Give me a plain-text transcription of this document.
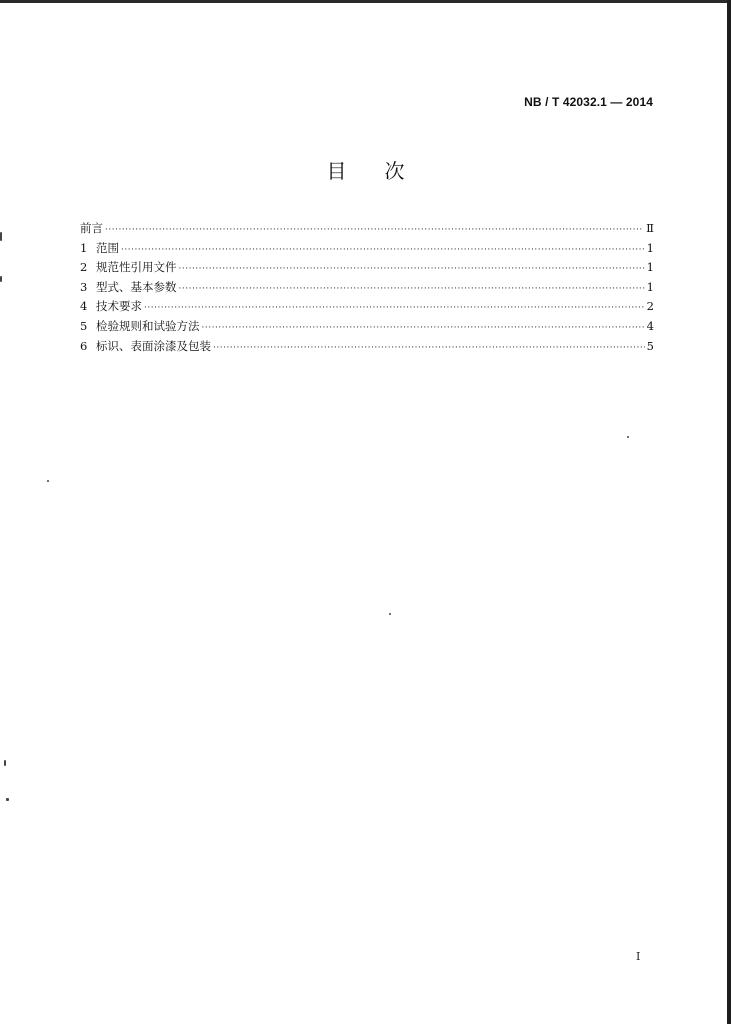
NB / T 42032.1 — 2014
目 次
前言 ·····	Ⅱ
1 范围 ·····	1
2 规范性引用文件 ·····	1
3 型式、基本参数 ·····	1
4 技术要求 ·····	2
5 检验规则和试验方法 ·····	4
6 标识、表面涂漆及包装 ·····	5
I
